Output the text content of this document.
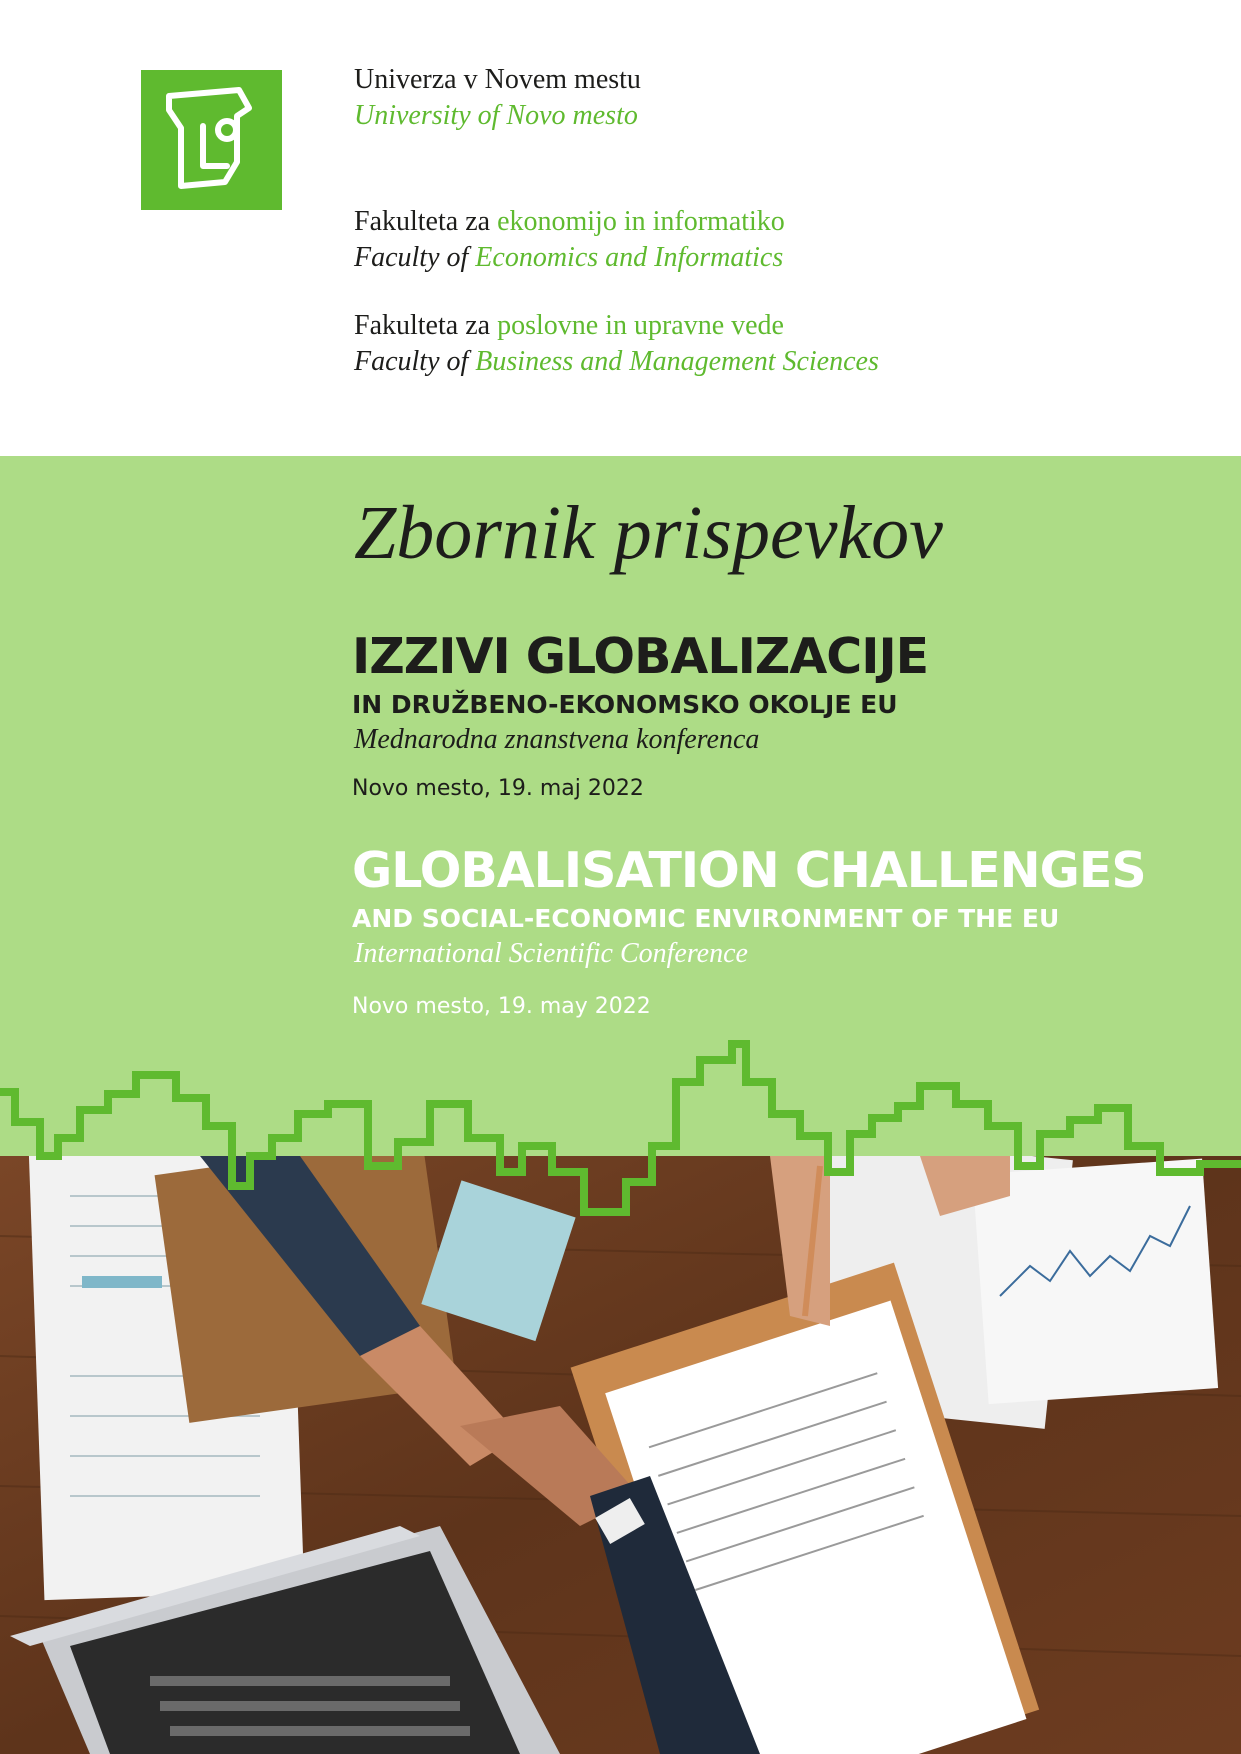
Univerza v Novem mestu
University of Novo mesto
Fakulteta za ekonomijo in informatiko
Faculty of Economics and Informatics
Fakulteta za poslovne in upravne vede
Faculty of Business and Management Sciences
Zbornik prispevkov
IZZIVI GLOBALIZACIJE
IN DRUŽBENO-EKONOMSKO OKOLJE EU
Mednarodna znanstvena konferenca
Novo mesto, 19. maj 2022
GLOBALISATION CHALLENGES
AND SOCIAL-ECONOMIC ENVIRONMENT OF THE EU
International Scientific Conference
Novo mesto, 19. may 2022
